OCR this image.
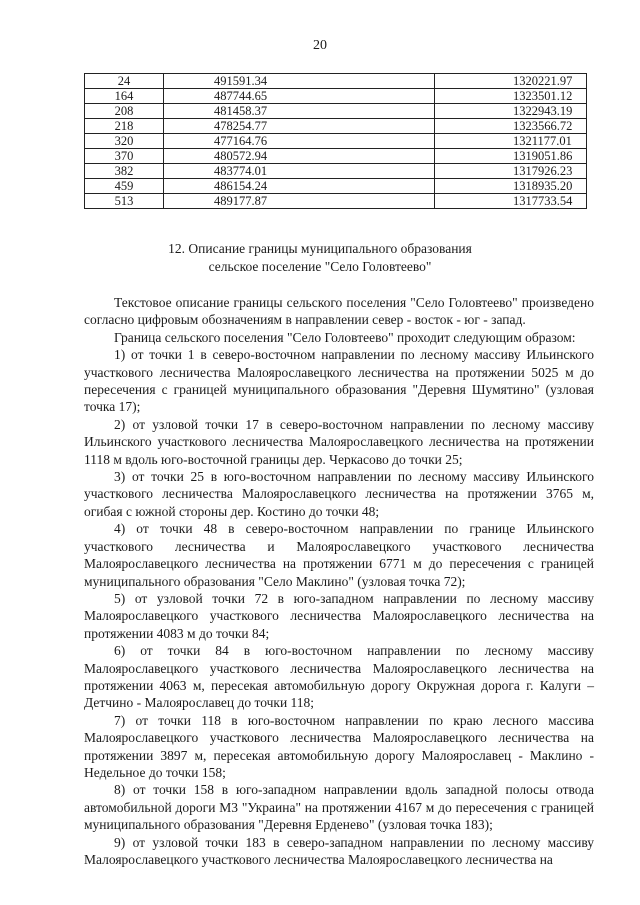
20
24	491591.34	1320221.97
164	487744.65	1323501.12
208	481458.37	1322943.19
218	478254.77	1323566.72
320	477164.76	1321177.01
370	480572.94	1319051.86
382	483774.01	1317926.23
459	486154.24	1318935.20
513	489177.87	1317733.54
12. Описание границы муниципального образования
сельское поселение "Село Головтеево"

Текстовое описание границы сельского поселения "Село Головтеево" произведено согласно цифровым обозначениям в направлении север - восток - юг - запад.

Граница сельского поселения "Село Головтеево" проходит следующим образом:

1) от точки 1 в северо-восточном направлении по лесному массиву Ильинского участкового лесничества Малоярославецкого лесничества на протяжении 5025 м до пересечения с границей муниципального образования "Деревня Шумятино" (узловая точка 17);

2) от узловой точки 17 в северо-восточном направлении по лесному массиву Ильинского участкового лесничества Малоярославецкого лесничества на протяжении 1118 м вдоль юго-восточной границы дер. Черкасово до точки 25;

3) от точки 25 в юго-восточном направлении по лесному массиву Ильинского участкового лесничества Малоярославецкого лесничества на протяжении 3765 м, огибая с южной стороны дер. Костино до точки 48;

4) от точки 48 в северо-восточном направлении по границе Ильинского участкового лесничества и Малоярославецкого участкового лесничества Малоярославецкого лесничества на протяжении 6771 м до пересечения с границей муниципального образования "Село Маклино" (узловая точка 72);

5) от узловой точки 72 в юго-западном направлении по лесному массиву Малоярославецкого участкового лесничества Малоярославецкого лесничества на протяжении 4083 м до точки 84;

6) от точки 84 в юго-восточном направлении по лесному массиву Малоярославецкого участкового лесничества Малоярославецкого лесничества на протяжении 4063 м, пересекая автомобильную дорогу Окружная дорога г. Калуги – Детчино - Малоярославец до точки 118;

7) от точки 118 в юго-восточном направлении по краю лесного массива Малоярославецкого участкового лесничества Малоярославецкого лесничества на протяжении 3897 м, пересекая автомобильную дорогу Малоярославец - Маклино - Недельное до точки 158;

8) от точки 158 в юго-западном направлении вдоль западной полосы отвода автомобильной дороги М3 "Украина" на протяжении 4167 м до пересечения с границей муниципального образования "Деревня Ерденево" (узловая точка 183);

9) от узловой точки 183 в северо-западном направлении по лесному массиву Малоярославецкого участкового лесничества Малоярославецкого лесничества на
